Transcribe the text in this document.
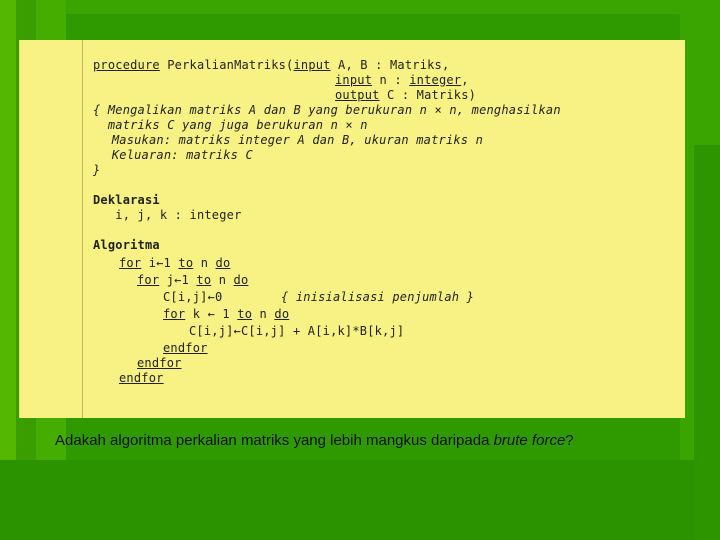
procedure PerkalianMatriks(input A, B : Matriks,
input n : integer,
output C : Matriks)
{ Mengalikan matriks A dan B yang berukuran n × n, menghasilkan
matriks C yang juga berukuran n × n
Masukan: matriks integer A dan B, ukuran matriks n
Keluaran: matriks C
}
Deklarasi
i, j, k : integer
Algoritma
for i←1 to n do
for j←1 to n do
C[i,j]←0	{ inisialisasi penjumlah }
for k ← 1 to n do
C[i,j]←C[i,j] + A[i,k]*B[k,j]
endfor
endfor
endfor
Adakah algoritma perkalian matriks yang lebih mangkus daripada brute force?
